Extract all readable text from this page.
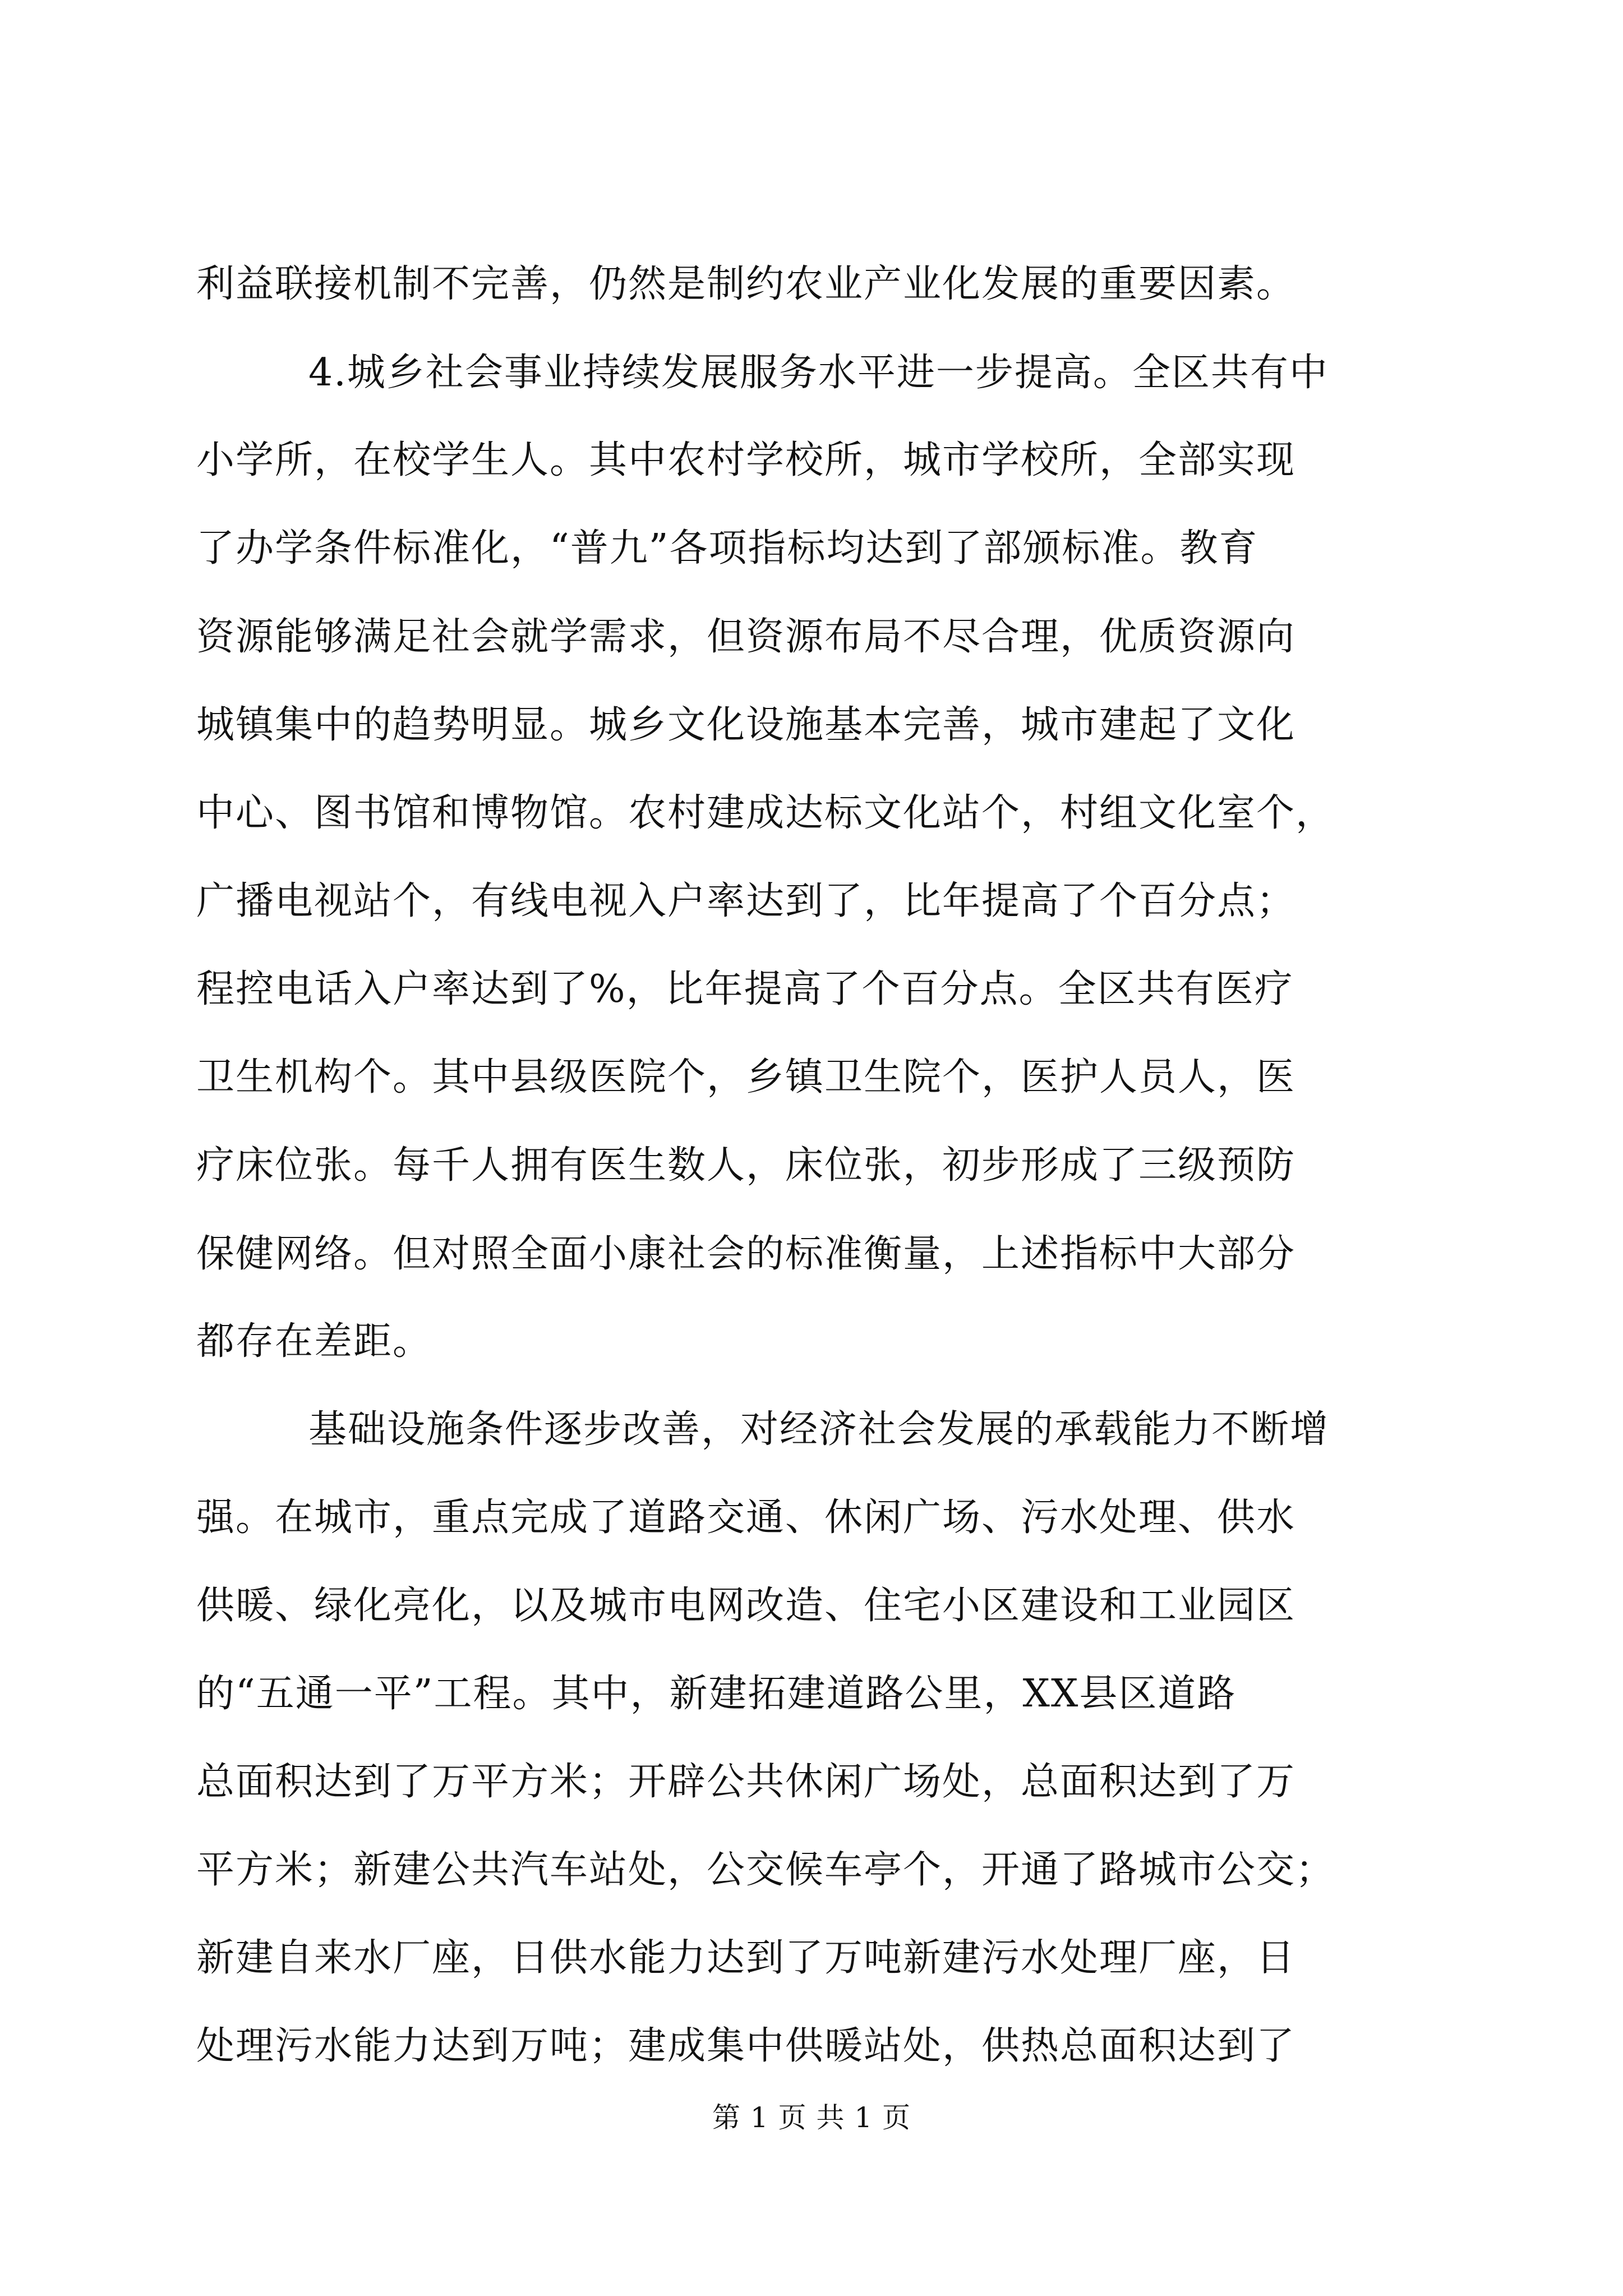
利益联接机制不完善，仍然是制约农业产业化发展的重要因素。
4.城乡社会事业持续发展服务水平进一步提高。全区共有中
小学所，在校学生人。其中农村学校所，城市学校所，全部实现
了办学条件标准化，“普九”各项指标均达到了部颁标准。教育
资源能够满足社会就学需求，但资源布局不尽合理，优质资源向
城镇集中的趋势明显。城乡文化设施基本完善，城市建起了文化
中心、图书馆和博物馆。农村建成达标文化站个，村组文化室个，
广播电视站个，有线电视入户率达到了，比年提高了个百分点；
程控电话入户率达到了%，比年提高了个百分点。全区共有医疗
卫生机构个。其中县级医院个，乡镇卫生院个，医护人员人，医
疗床位张。每千人拥有医生数人，床位张，初步形成了三级预防
保健网络。但对照全面小康社会的标准衡量，上述指标中大部分
都存在差距。
基础设施条件逐步改善，对经济社会发展的承载能力不断增
强。在城市，重点完成了道路交通、休闲广场、污水处理、供水
供暖、绿化亮化，以及城市电网改造、住宅小区建设和工业园区
的“五通一平”工程。其中，新建拓建道路公里，XX县区道路
总面积达到了万平方米；开辟公共休闲广场处，总面积达到了万
平方米；新建公共汽车站处，公交候车亭个，开通了路城市公交；
新建自来水厂座，日供水能力达到了万吨新建污水处理厂座，日
处理污水能力达到万吨；建成集中供暖站处，供热总面积达到了
第 1 页 共 1 页
